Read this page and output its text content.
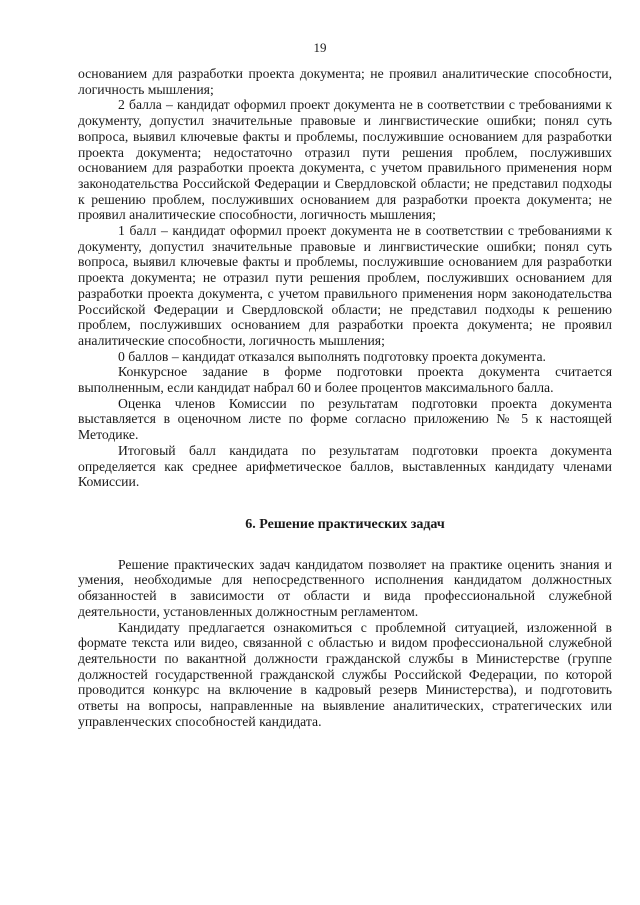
19

основанием для разработки проекта документа; не проявил аналитические способности, логичность мышления;

2 балла – кандидат оформил проект документа не в соответствии с требованиями к документу, допустил значительные правовые и лингвистические ошибки; понял суть вопроса, выявил ключевые факты и проблемы, послужившие основанием для разработки проекта документа; недостаточно отразил пути решения проблем, послуживших основанием для разработки проекта документа, с учетом правильного применения норм законодательства Российской Федерации и Свердловской области; не представил подходы к решению проблем, послуживших основанием для разработки проекта документа; не проявил аналитические способности, логичность мышления;

1 балл – кандидат оформил проект документа не в соответствии с требованиями к документу, допустил значительные правовые и лингвистические ошибки; понял суть вопроса, выявил ключевые факты и проблемы, послужившие основанием для разработки проекта документа; не отразил пути решения проблем, послуживших основанием для разработки проекта документа, с учетом правильного применения норм законодательства Российской Федерации и Свердловской области; не представил подходы к решению проблем, послуживших основанием для разработки проекта документа; не проявил аналитические способности, логичность мышления;

0 баллов – кандидат отказался выполнять подготовку проекта документа.

Конкурсное задание в форме подготовки проекта документа считается выполненным, если кандидат набрал 60 и более процентов максимального балла.

Оценка членов Комиссии по результатам подготовки проекта документа выставляется в оценочном листе по форме согласно приложению № 5 к настоящей Методике.

Итоговый балл кандидата по результатам подготовки проекта документа определяется как среднее арифметическое баллов, выставленных кандидату членами Комиссии.

6. Решение практических задач

Решение практических задач кандидатом позволяет на практике оценить знания и умения, необходимые для непосредственного исполнения кандидатом должностных обязанностей в зависимости от области и вида профессиональной служебной деятельности, установленных должностным регламентом.

Кандидату предлагается ознакомиться с проблемной ситуацией, изложенной в формате текста или видео, связанной с областью и видом профессиональной служебной деятельности по вакантной должности гражданской службы в Министерстве (группе должностей государственной гражданской службы Российской Федерации, по которой проводится конкурс на включение в кадровый резерв Министерства), и подготовить ответы на вопросы, направленные на выявление аналитических, стратегических или управленческих способностей кандидата.
